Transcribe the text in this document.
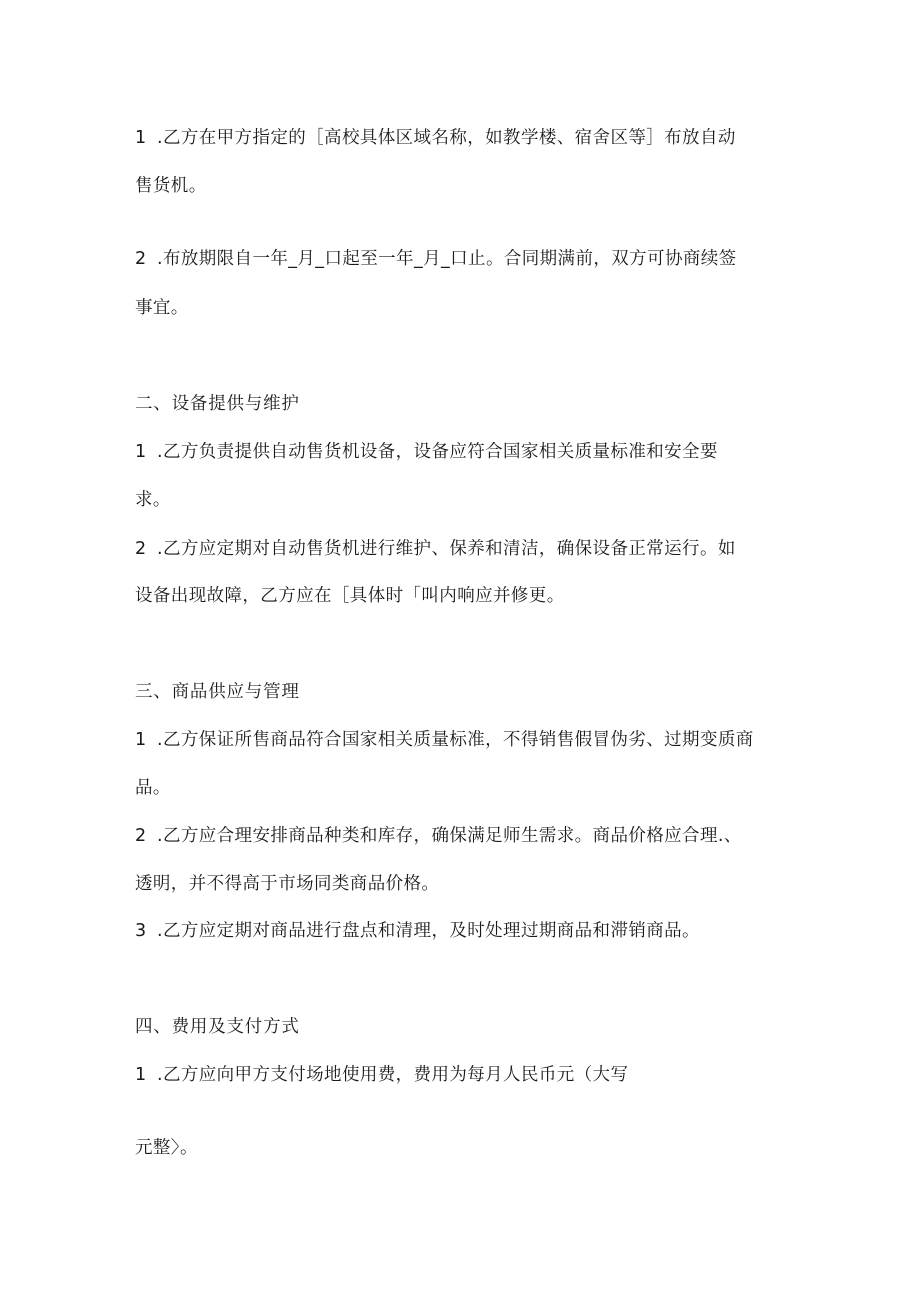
1 .乙方在甲方指定的［高校具体区域名称，如教学楼、宿舍区等］布放自动
售货机。
2 .布放期限自一年_月_口起至一年_月_口止。合同期满前，双方可协商续签
事宜。
二、设备提供与维护
1 .乙方负责提供自动售货机设备，设备应符合国家相关质量标准和安全要
求。
2 .乙方应定期对自动售货机进行维护、保养和清洁，确保设备正常运行。如
设备出现故障，乙方应在［具体时「叫内响应并修更。
三、商品供应与管理
1 .乙方保证所售商品符合国家相关质量标准，不得销售假冒伪劣、过期变质商
品。
2 .乙方应合理安排商品种类和库存，确保满足师生需求。商品价格应合理.、
透明，并不得高于市场同类商品价格。
3 .乙方应定期对商品进行盘点和清理，及时处理过期商品和滞销商品。
四、费用及支付方式
1 .乙方应向甲方支付场地使用费，费用为每月人民币元（大写
元整〉。
